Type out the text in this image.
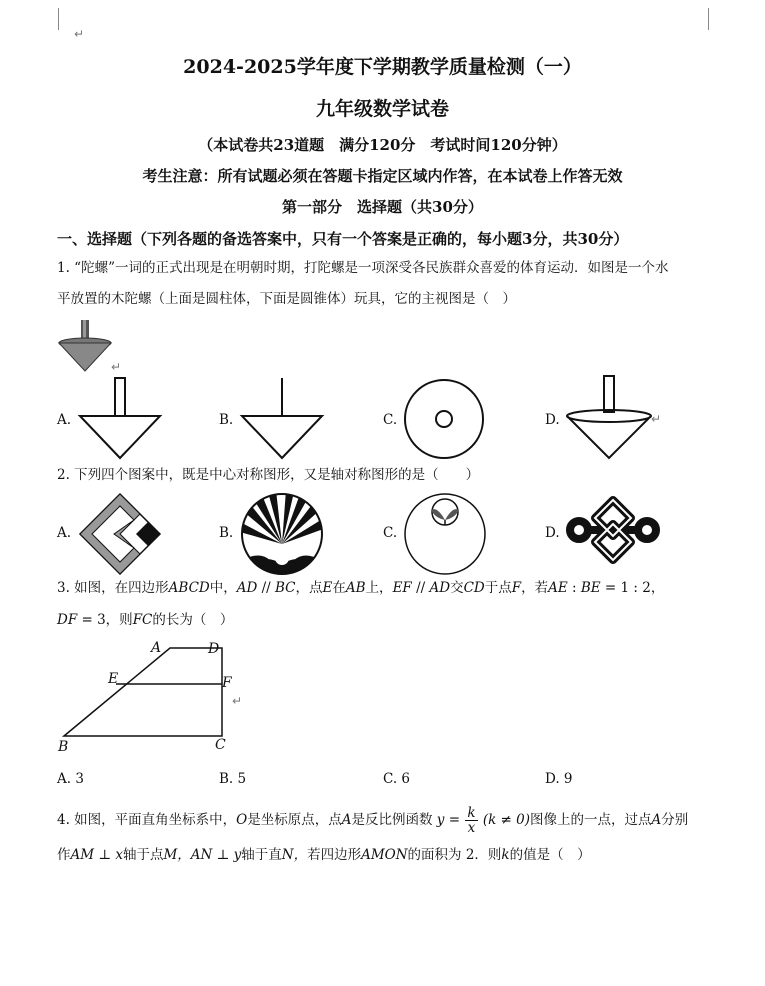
↵
2024-2025学年度下学期教学质量检测（一）
九年级数学试卷
（本试卷共23道题　满分120分　考试时间120分钟）
考生注意：所有试题必须在答题卡指定区域内作答，在本试卷上作答无效
第一部分　选择题（共30分）
一、选择题（下列各题的备选答案中，只有一个答案是正确的，每小题3分，共30分）
1. “陀螺”一词的正式出现是在明朝时期，打陀螺是一项深受各民族群众喜爱的体育运动．如图是一个水
平放置的木陀螺（上面是圆柱体，下面是圆锥体）玩具，它的主视图是（　）
↵
A.	B.	C.	D.	↵
2. 下列四个图案中，既是中心对称图形，又是轴对称图形的是（　　）
A.	B.	C.	D.
3. 如图，在四边形ABCD中，AD // BC，点E在AB上，EF // AD交CD于点F，若AE : BE = 1 : 2，
DF = 3，则FC的长为（　）
A	D
E	F
B	C
↵
A. 3	B. 5	C. 6	D. 9
4. 如图，平面直角坐标系中，O是坐标原点，点A是反比例函数 $y = \frac{k}{x} (k \ne 0)$图像上的一点，过点A分别
作AM ⊥ x轴于点M，AN ⊥ y轴于直N，若四边形AMON的面积为 2．则k的值是（　）
